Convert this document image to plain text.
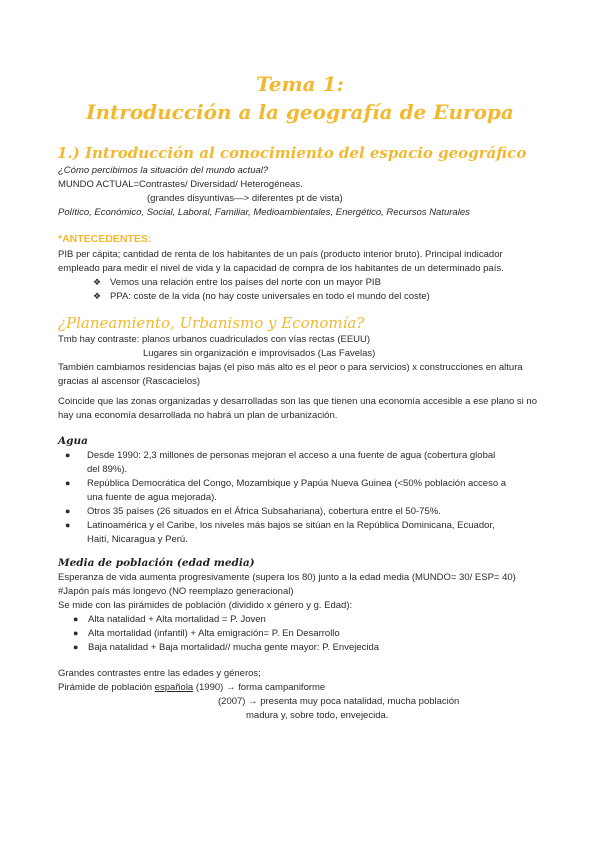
Tema 1:
Introducción a la geografía de Europa
1.) Introducción al conocimiento del espacio geográfico
¿Cómo percibimos la situación del mundo actual?
MUNDO ACTUAL=Contrastes/ Diversidad/ Heterogéneas.
(grandes disyuntivas—> diferentes pt de vista)
Político, Económico, Social, Laboral, Familiar, Medioambientales, Energético, Recursos Naturales
*ANTECEDENTES:
PIB per cápita; cantidad de renta de los habitantes de un país (producto interior bruto). Principal indicador
empleado para medir el nivel de vida y la capacidad de compra de los habitantes de un determinado país.
❖ Vemos una relación entre los países del norte con un mayor PIB
❖ PPA: coste de la vida (no hay coste universales en todo el mundo del coste)
¿Planeamiento, Urbanismo y Economía?
Tmb hay contraste: planos urbanos cuadriculados con vías rectas (EEUU)
Lugares sin organización e improvisados (Las Favelas)
También cambiamos residencias bajas (el piso más alto es el peor o para servicios) x construcciones en altura
gracias al ascensor (Rascacielos)
Coincide que las zonas organizadas y desarrolladas son las que tienen una economía accesible a ese plano si no
hay una economía desarrollada no habrá un plan de urbanización.
Agua
● Desde 1990: 2,3 millones de personas mejoran el acceso a una fuente de agua (cobertura global
del 89%).
● República Democrática del Congo, Mozambique y Papúa Nueva Guinea (<50% población acceso a
una fuente de agua mejorada).
● Otros 35 países (26 situados en el África Subsahariana), cobertura entre el 50-75%.
● Latinoamérica y el Caribe, los niveles más bajos se sitúan en la República Dominicana, Ecuador,
Haití, Nicaragua y Perú.
Media de población (edad media)
Esperanza de vida aumenta progresivamente (supera los 80) junto a la edad media (MUNDO= 30/ ESP= 40)
#Japón país más longevo (NO reemplazo generacional)
Se mide con las pirámides de población (dividido x género y g. Edad):
● Alta natalidad + Alta mortalidad = P. Joven
● Alta mortalidad (infantil) + Alta emigración= P. En Desarrollo
● Baja natalidad + Baja mortalidad// mucha gente mayor: P. Envejecida
Grandes contrastes entre las edades y géneros;
Pirámide de población española (1990) → forma campaniforme
(2007) → presenta muy poca natalidad, mucha población
madura y, sobre todo, envejecida.
